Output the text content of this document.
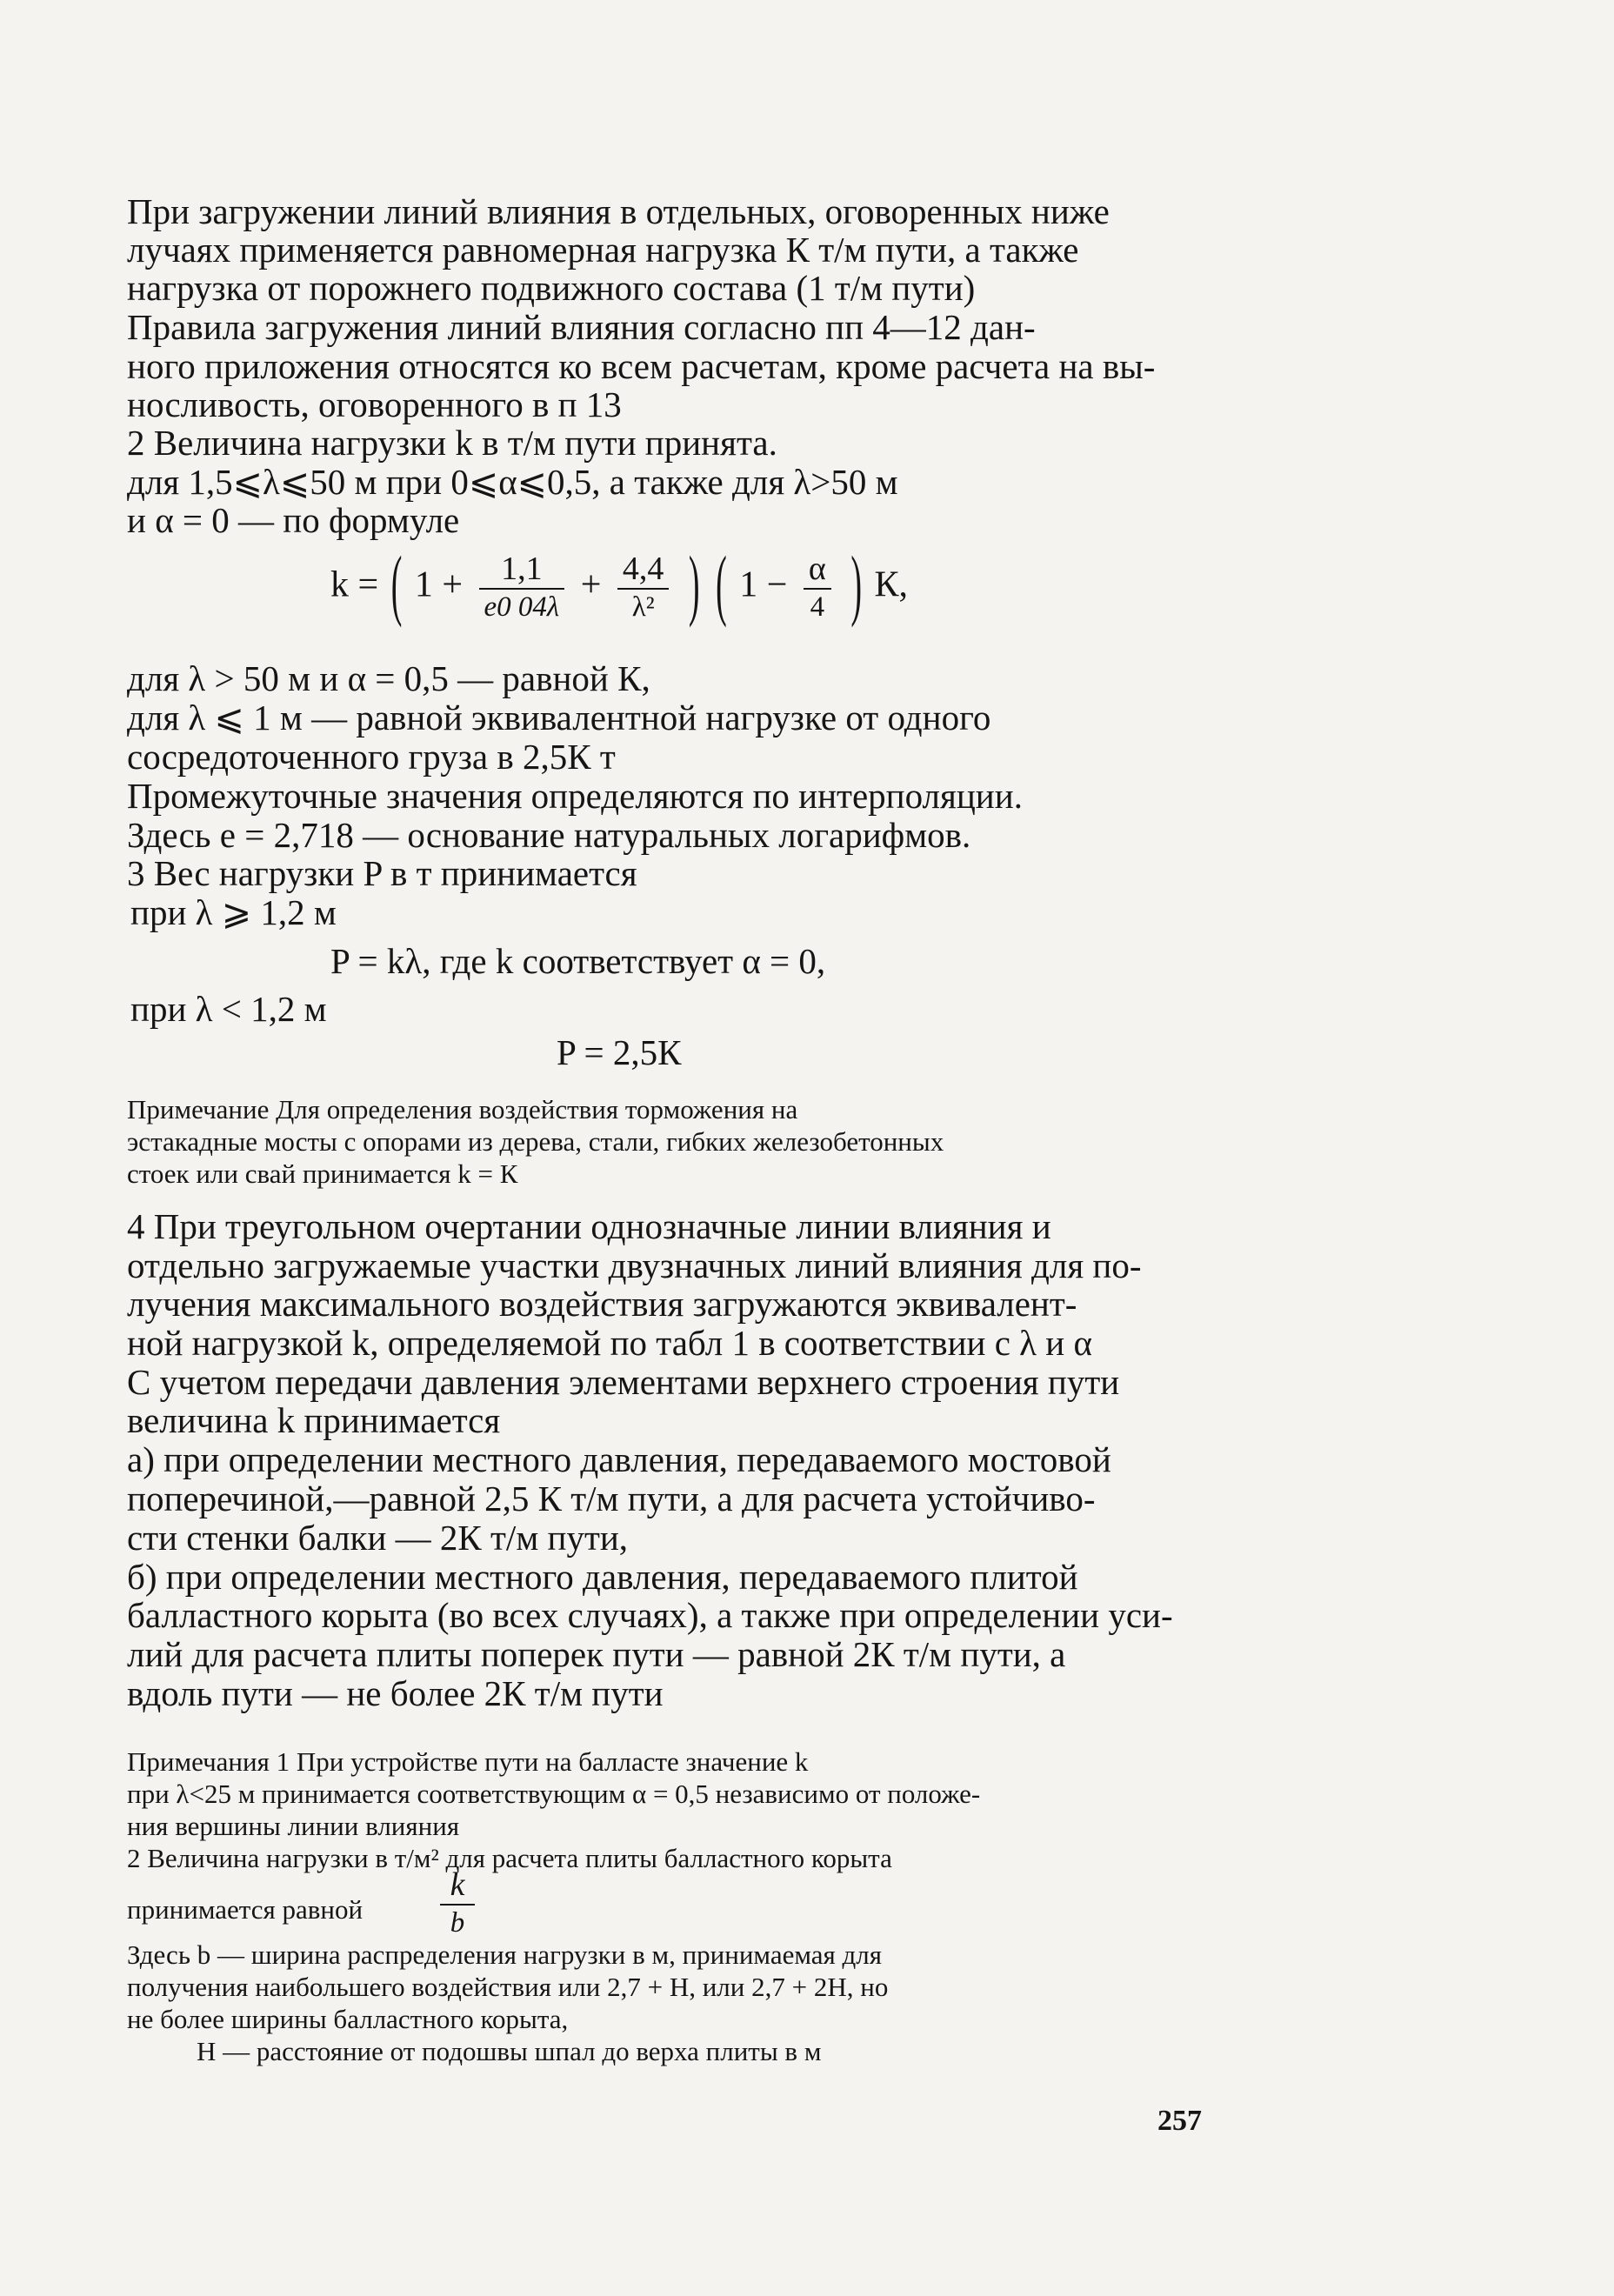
При загружении линий влияния в отдельных, оговоренных ниже
лучаях применяется равномерная нагрузка К т/м пути, а также
нагрузка от порожнего подвижного состава (1 т/м пути)
Правила загружения линий влияния согласно пп 4—12 дан-
ного приложения относятся ко всем расчетам, кроме расчета на вы-
носливость, оговоренного в п 13
2 Величина нагрузки k в т/м пути принята.
для 1,5⩽λ⩽50 м при 0⩽α⩽0,5, а также для λ>50 м
и α = 0 — по формуле
k = ( $1 + \frac{1,1}{e0 04\lambda} + \frac{4,4}{\text{λ²}}$ ) ( $1 - \frac{\alpha}{4}$ ) К,
для λ > 50 м и α = 0,5 — равной К,
для λ ⩽ 1 м — равной эквивалентной нагрузке от одного
сосредоточенного груза в 2,5К т
Промежуточные значения определяются по интерполяции.
Здесь e = 2,718 — основание натуральных логарифмов.
3 Вес нагрузки P в т принимается
при λ ⩾ 1,2 м
P = kλ, где k соответствует α = 0,
при λ < 1,2 м
P = 2,5К
Примечание Для определения воздействия торможения на
эстакадные мосты с опорами из дерева, стали, гибких железобетонных
стоек или свай принимается k = К
4 При треугольном очертании однозначные линии влияния и
отдельно загружаемые участки двузначных линий влияния для по-
лучения максимального воздействия загружаются эквивалент-
ной нагрузкой k, определяемой по табл 1 в соответствии с λ и α
С учетом передачи давления элементами верхнего строения пути
величина k принимается
а) при определении местного давления, передаваемого мостовой
поперечиной,—равной 2,5 К т/м пути, а для расчета устойчиво-
сти стенки балки — 2К т/м пути,
б) при определении местного давления, передаваемого плитой
балластного корыта (во всех случаях), а также при определении уси-
лий для расчета плиты поперек пути — равной 2К т/м пути, а
вдоль пути — не более 2К т/м пути
Примечания 1 При устройстве пути на балласте значение k
при λ<25 м принимается соответствующим α = 0,5 независимо от положе-
ния вершины линии влияния
2 Величина нагрузки в т/м² для расчета плиты балластного корыта
принимается равной
k
b
Здесь b — ширина распределения нагрузки в м, принимаемая для
получения наибольшего воздействия или 2,7 + H, или 2,7 + 2H, но
не более ширины балластного корыта,
H — расстояние от подошвы шпал до верха плиты в м
257
